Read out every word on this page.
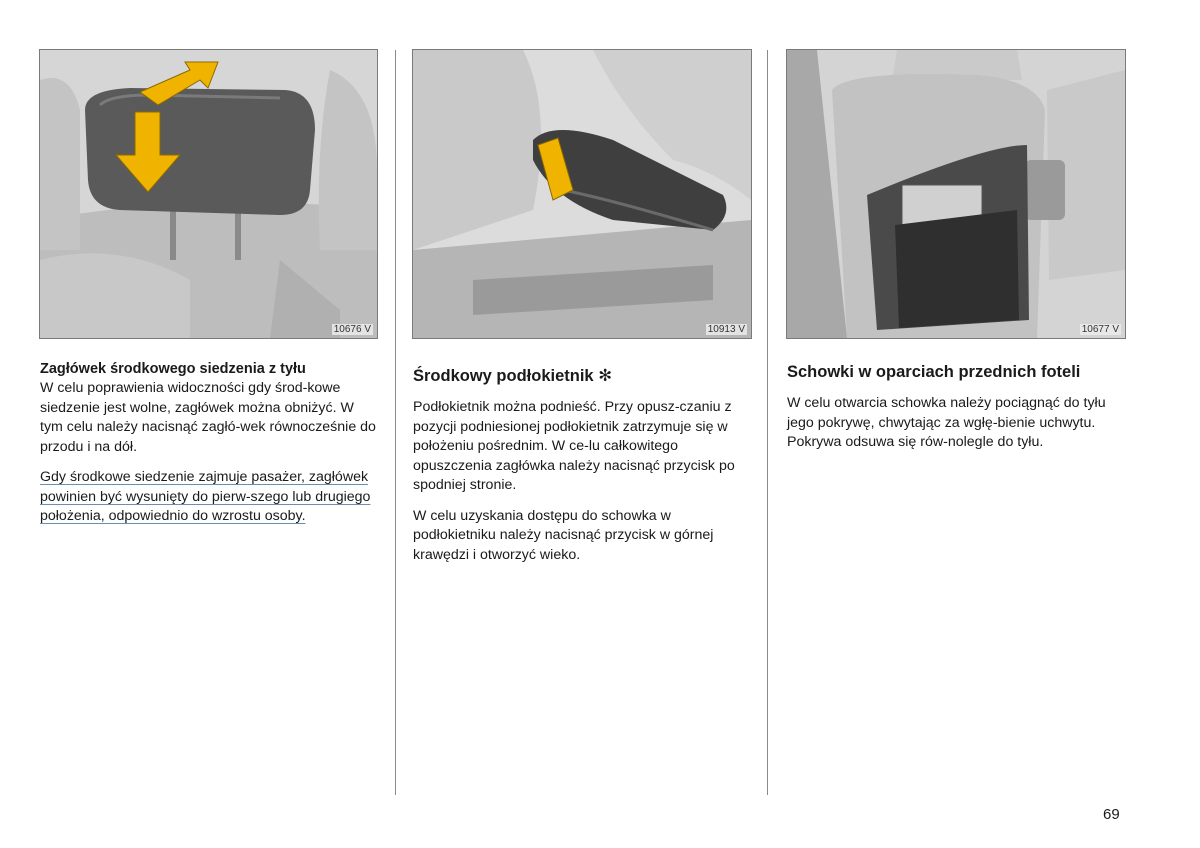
10676 V	10913 V	10677 V
Zagłówek środkowego siedzenia z tyłu

W celu poprawienia widoczności gdy środ-kowe siedzenie jest wolne, zagłówek można obniżyć. W tym celu należy nacisnąć zagłó-wek równocześnie do przodu i na dół.

Gdy środkowe siedzenie zajmuje pasażer, zagłówek powinien być wysunięty do pierw-szego lub drugiego położenia, odpowiednio do wzrostu osoby.

Środkowy podłokietnik ✻

Podłokietnik można podnieść. Przy opusz-czaniu z pozycji podniesionej podłokietnik zatrzymuje się w położeniu pośrednim. W ce-lu całkowitego opuszczenia zagłówka należy nacisnąć przycisk po spodniej stronie.

W celu uzyskania dostępu do schowka w podłokietniku należy nacisnąć przycisk w górnej krawędzi i otworzyć wieko.

Schowki w oparciach przednich foteli

W celu otwarcia schowka należy pociągnąć do tyłu jego pokrywę, chwytając za wgłę-bienie uchwytu. Pokrywa odsuwa się rów-nolegle do tyłu.

69
